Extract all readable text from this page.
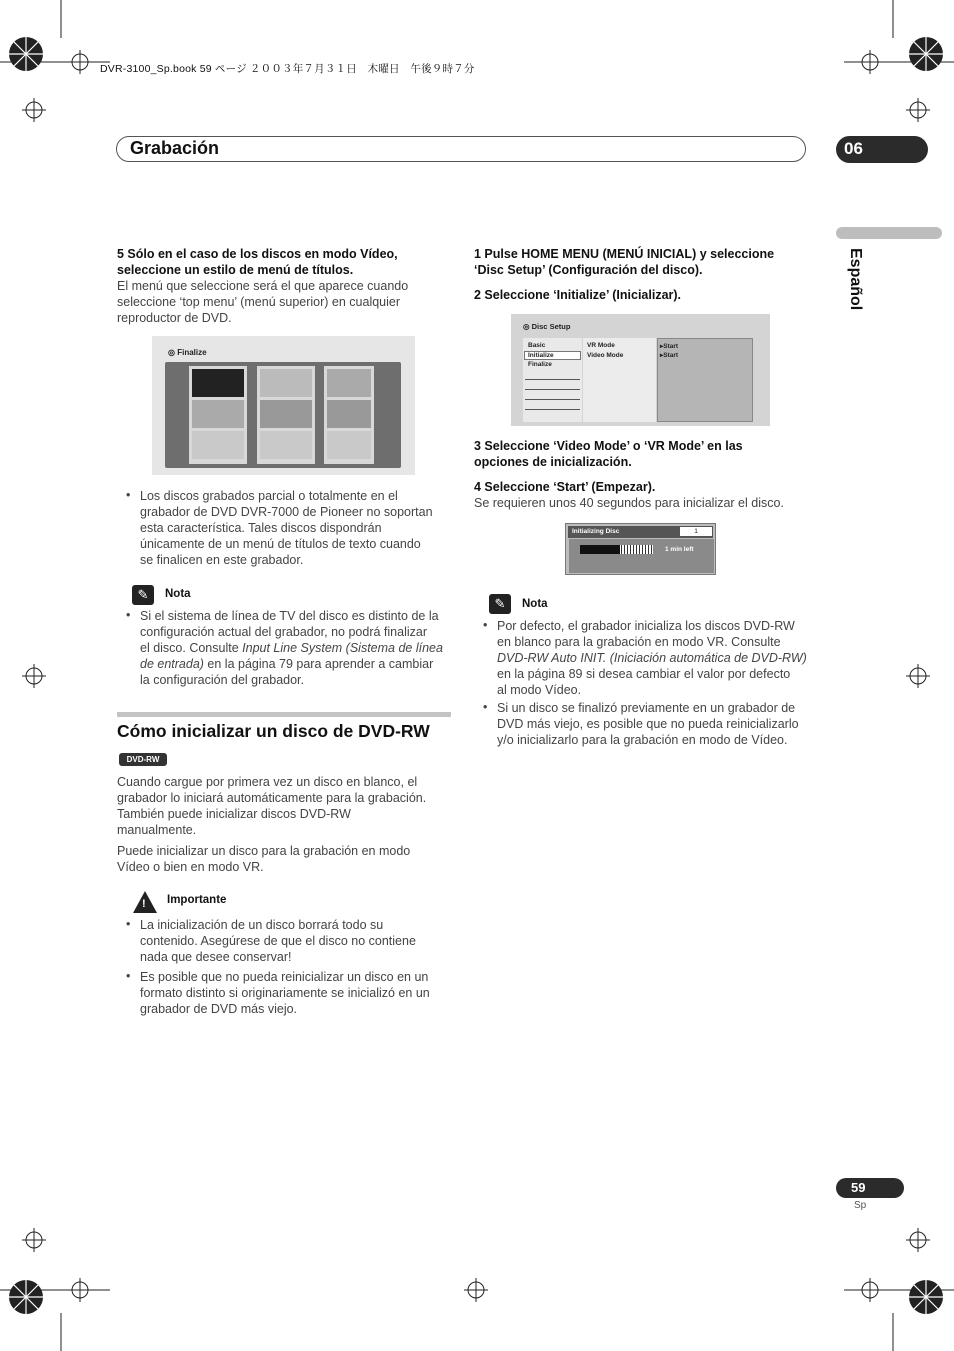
DVR-3100_Sp.book 59 ページ ２００３年７月３１日　木曜日　午後９時７分
Grabación	06
Español
5 Sólo en el caso de los discos en modo Vídeo,
seleccione un estilo de menú de títulos.
El menú que seleccione será el que aparece cuando
seleccione ‘top menu’ (menú superior) en cualquier
reproductor de DVD.
◎ Finalize
• Los discos grabados parcial o totalmente en el
grabador de DVD DVR-7000 de Pioneer no soportan
esta característica. Tales discos dispondrán
únicamente de un menú de títulos de texto cuando
se finalicen en este grabador.
✎	Nota
• Si el sistema de línea de TV del disco es distinto de la
configuración actual del grabador, no podrá finalizar
el disco. Consulte Input Line System (Sistema de línea
de entrada) en la página 79 para aprender a cambiar
la configuración del grabador.
Cómo inicializar un disco de DVD-RW
DVD-RW
Cuando cargue por primera vez un disco en blanco, el
grabador lo iniciará automáticamente para la grabación.
También puede inicializar discos DVD-RW
manualmente.
Puede inicializar un disco para la grabación en modo
Vídeo o bien en modo VR.
! Importante
• La inicialización de un disco borrará todo su
contenido. Asegúrese de que el disco no contiene
nada que desee conservar!
• Es posible que no pueda reinicializar un disco en un
formato distinto si originariamente se inicializó en un
grabador de DVD más viejo.
1 Pulse HOME MENU (MENÚ INICIAL) y seleccione
‘Disc Setup’ (Configuración del disco).
2 Seleccione ‘Initialize’ (Inicializar).
◎ Disc Setup
Basic
Initialize
Finalize
VR Mode
Video Mode
▸Start
▸Start
3 Seleccione ‘Video Mode’ o ‘VR Mode’ en las
opciones de inicialización.
4 Seleccione ‘Start’ (Empezar).
Se requieren unos 40 segundos para inicializar el disco.
Initializing Disc	1
1 min left
✎	Nota
• Por defecto, el grabador inicializa los discos DVD-RW
en blanco para la grabación en modo VR. Consulte
DVD-RW Auto INIT. (Iniciación automática de DVD-RW)
en la página 89 si desea cambiar el valor por defecto
al modo Vídeo.
• Si un disco se finalizó previamente en un grabador de
DVD más viejo, es posible que no pueda reinicializarlo
y/o inicializarlo para la grabación en modo de Vídeo.
59
Sp
